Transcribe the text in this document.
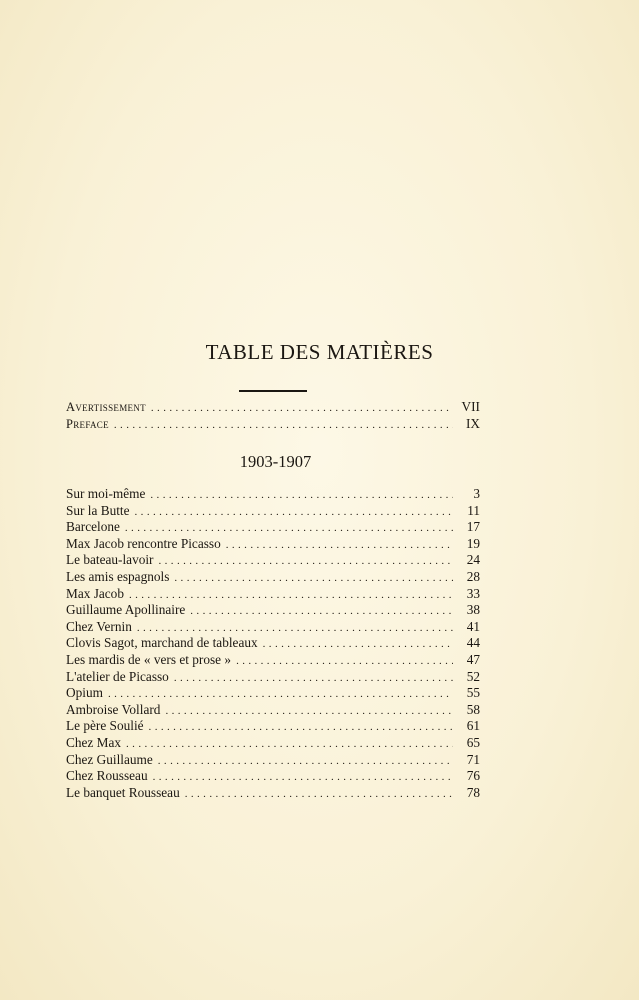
TABLE DES MATIÈRES
Avertissement .....	VII
Preface .....	IX
1903-1907
Sur moi-même .....	3
Sur la Butte .....	11
Barcelone .....	17
Max Jacob rencontre Picasso .....	19
Le bateau-lavoir .....	24
Les amis espagnols .....	28
Max Jacob .....	33
Guillaume Apollinaire .....	38
Chez Vernin .....	41
Clovis Sagot, marchand de tableaux .....	44
Les mardis de « vers et prose » .....	47
L'atelier de Picasso .....	52
Opium .....	55
Ambroise Vollard .....	58
Le père Soulié .....	61
Chez Max .....	65
Chez Guillaume .....	71
Chez Rousseau .....	76
Le banquet Rousseau .....	78
